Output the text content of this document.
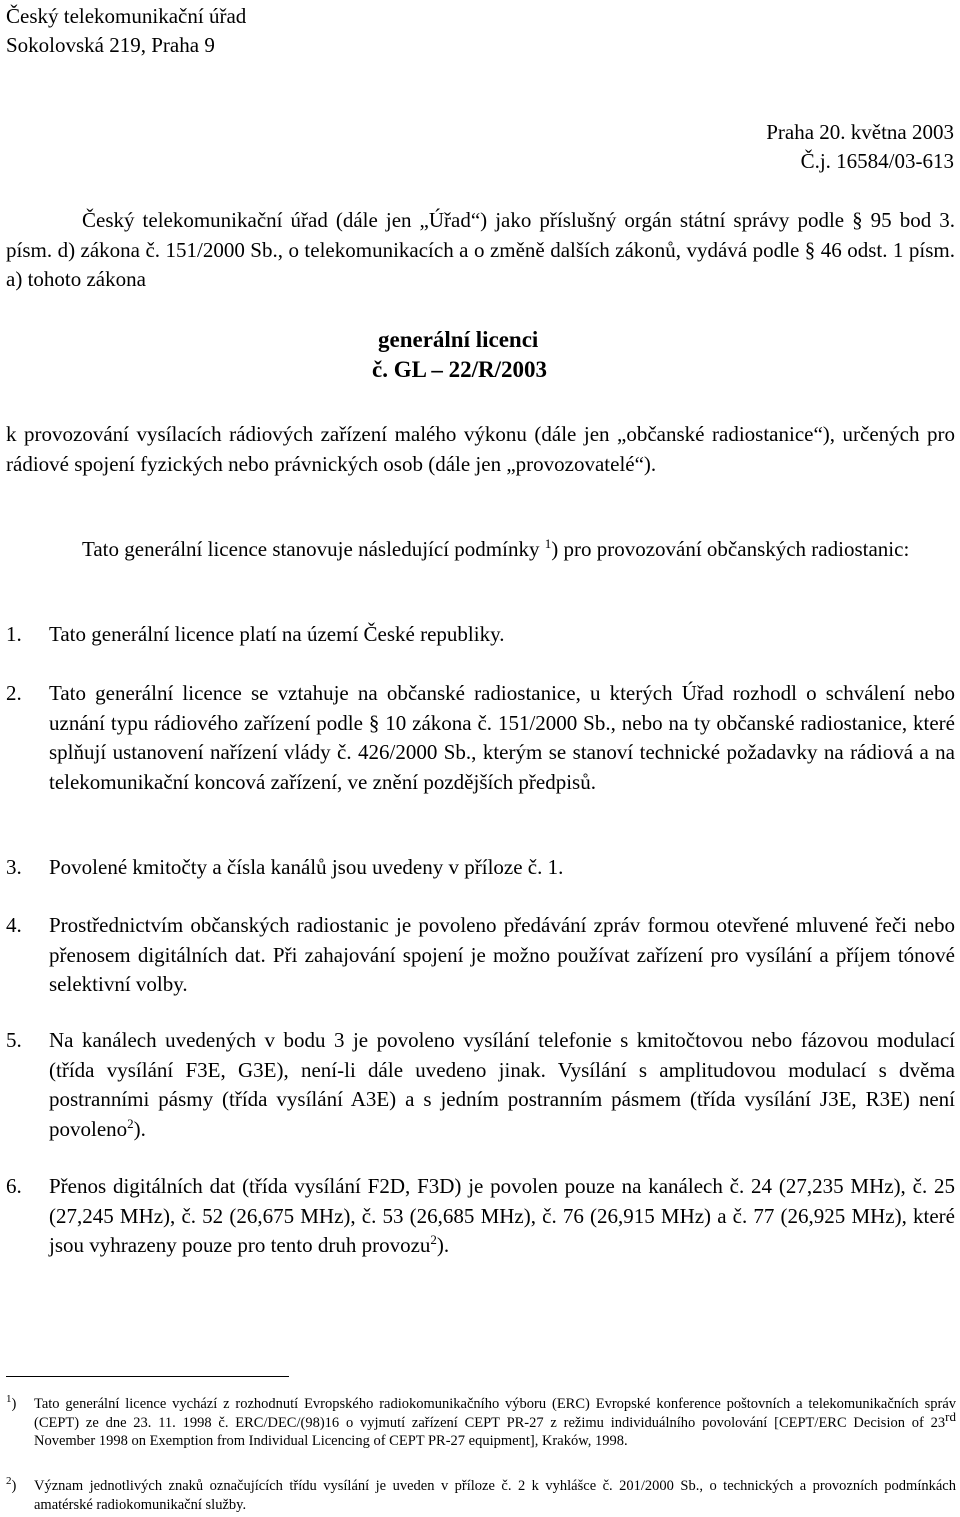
Český telekomunikační úřad
Sokolovská 219, Praha 9
Praha 20. května 2003
Č.j. 16584/03-613
Český telekomunikační úřad (dále jen „Úřad“) jako příslušný orgán státní správy podle § 95 bod 3. písm. d) zákona č. 151/2000 Sb., o telekomunikacích a o změně dalších zákonů, vydává podle § 46 odst. 1 písm. a) tohoto zákona
generální licenci
č. GL – 22/R/2003
k provozování vysílacích rádiových zařízení malého výkonu (dále jen „občanské radiostanice“), určených pro rádiové spojení fyzických nebo právnických osob (dále jen „provozovatelé“).
Tato generální licence stanovuje následující podmínky $^1$) pro provozování občanských radiostanic:
1. Tato generální licence platí na území České republiky.
2. Tato generální licence se vztahuje na občanské radiostanice, u kterých Úřad rozhodl o schválení nebo uznání typu rádiového zařízení podle § 10 zákona č. 151/2000 Sb., nebo na ty občanské radiostanice, které splňují ustanovení nařízení vlády č. 426/2000 Sb., kterým se stanoví technické požadavky na rádiová a na telekomunikační koncová zařízení, ve znění pozdějších předpisů.
3. Povolené kmitočty a čísla kanálů jsou uvedeny v příloze č. 1.
4. Prostřednictvím občanských radiostanic je povoleno předávání zpráv formou otevřené mluvené řeči nebo přenosem digitálních dat. Při zahajování spojení je možno používat zařízení pro vysílání a příjem tónové selektivní volby.
5. Na kanálech uvedených v bodu 3 je povoleno vysílání telefonie s kmitočtovou nebo fázovou modulací (třída vysílání F3E, G3E), není-li dále uvedeno jinak. Vysílání s amplitudovou modulací s dvěma postranními pásmy (třída vysílání A3E) a s jedním postranním pásmem (třída vysílání J3E, R3E) není povoleno$^2$).
6. Přenos digitálních dat (třída vysílání F2D, F3D) je povolen pouze na kanálech č. 24 (27,235 MHz), č. 25 (27,245 MHz), č. 52 (26,675 MHz), č. 53 (26,685 MHz), č. 76 (26,915 MHz) a č. 77 (26,925 MHz), které jsou vyhrazeny pouze pro tento druh provozu$^2$).
$^1$) Tato generální licence vychází z rozhodnutí Evropského radiokomunikačního výboru (ERC) Evropské konference poštovních a telekomunikačních správ (CEPT) ze dne 23. 11. 1998 č. ERC/DEC/(98)16 o vyjmutí zařízení CEPT PR-27 z režimu individuálního povolování [CEPT/ERC Decision of 23rd November 1998 on Exemption from Individual Licencing of CEPT PR-27 equipment], Kraków, 1998.
$^2$) Význam jednotlivých znaků označujících třídu vysílání je uveden v příloze č. 2 k vyhlášce č. 201/2000 Sb., o technických a provozních podmínkách amatérské radiokomunikační služby.
